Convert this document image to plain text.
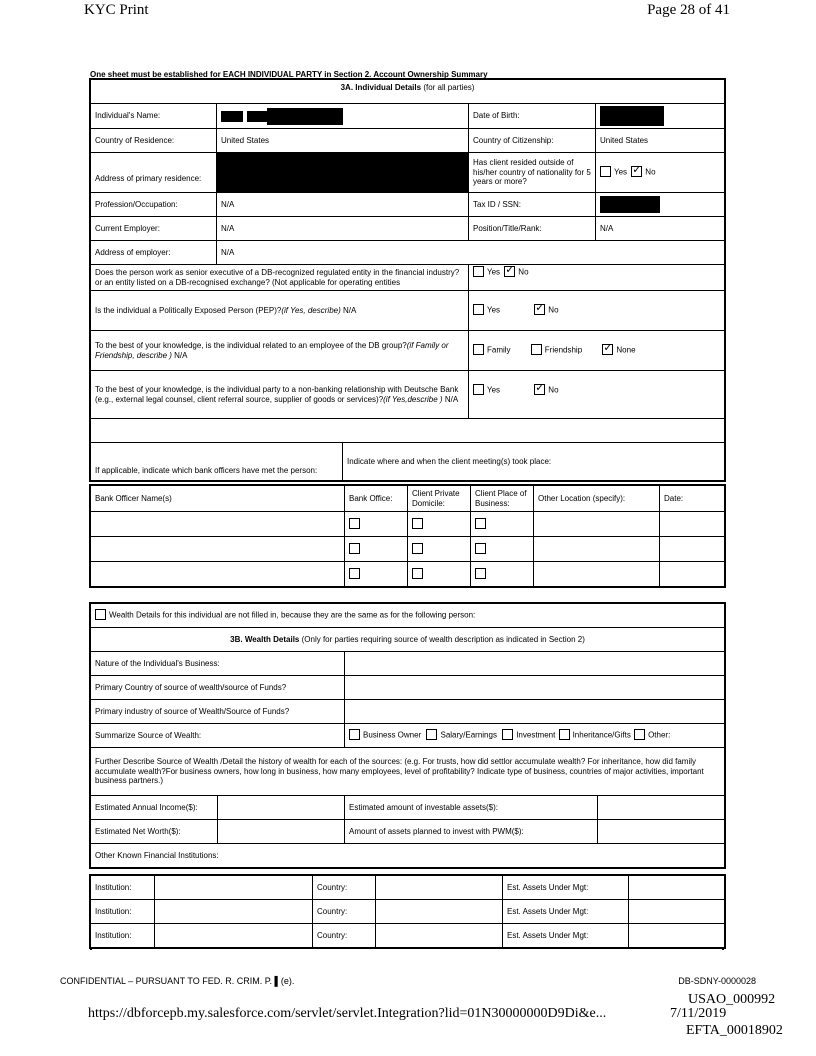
KYC Print	Page 28 of 41
One sheet must be established for EACH INDIVIDUAL PARTY in Section 2. Account Ownership Summary
3A. Individual Details (for all parties)				
Individual's Name:			Date of Birth:	
Country of Residence:	United States		Country of Citizenship:	United States
Address of primary residence:			Has client resided outside of his/her country of nationality for 5 years or more?	Yes ✓ No
Profession/Occupation:	N/A		Tax ID / SSN:	
Current Employer:	N/A		Position/Title/Rank:	N/A
Address of employer:	N/A			
Does the person work as senior executive of a DB-recognized regulated entity in the financial industry? or an entity listed on a DB-recognised exchange? (Not applicable for operating entities			Yes ✓ No
Is the individual a Politically Exposed Person (PEP)?(if Yes, describe) N/A			Yes ✓ No
To the best of your knowledge, is the individual related to an employee of the DB group?(if Family or Friendship, describe ) N/A			Family Friendship ✓ None
To the best of your knowledge, is the individual party to a non-banking relationship with Deutsche Bank (e.g., external legal counsel, client referral source, supplier of goods or services)?(if Yes,describe ) N/A			Yes ✓ No

If applicable, indicate which bank officers have met the person:		Indicate where and when the client meeting(s) took place:		
Bank Officer Name(s)	Bank Office:	Client Private Domicile:	Client Place of Business:	Other Location (specify):	Date:

Wealth Details for this individual are not filled in, because they are the same as for the following person:			
3B. Wealth Details (Only for parties requiring source of wealth description as indicated in Section 2)			
Nature of the Individual's Business:			
Primary Country of source of wealth/source of Funds?			
Primary industry of source of Wealth/Source of Funds?			
Summarize Source of Wealth:		Business Owner Salary/Earnings Investment Inheritance/Gifts Other:	
Further Describe Source of Wealth /Detail the history of wealth for each of the sources: (e.g. For trusts, how did settlor accumulate wealth? For inheritance, how did family accumulate wealth?For business owners, how long in business, how many employees, level of profitability? Indicate type of business, countries of major activities, important business partners.)			
Estimated Annual Income($):		Estimated amount of investable assets($):	
Estimated Net Worth($):		Amount of assets planned to invest with PWM($):	
Other Known Financial Institutions:			
Institution:		Country:		Est. Assets Under Mgt:	
Institution:		Country:		Est. Assets Under Mgt:	
Institution:		Country:		Est. Assets Under Mgt:	
CONFIDENTIAL – PURSUANT TO FED. R. CRIM. P. ▌(e).	DB-SDNY-0000028
https://dbforcepb.my.salesforce.com/servlet/servlet.Integration?lid=01N30000000D9Di&e...
USAO_000992
7/11/2019
EFTA_00018902
